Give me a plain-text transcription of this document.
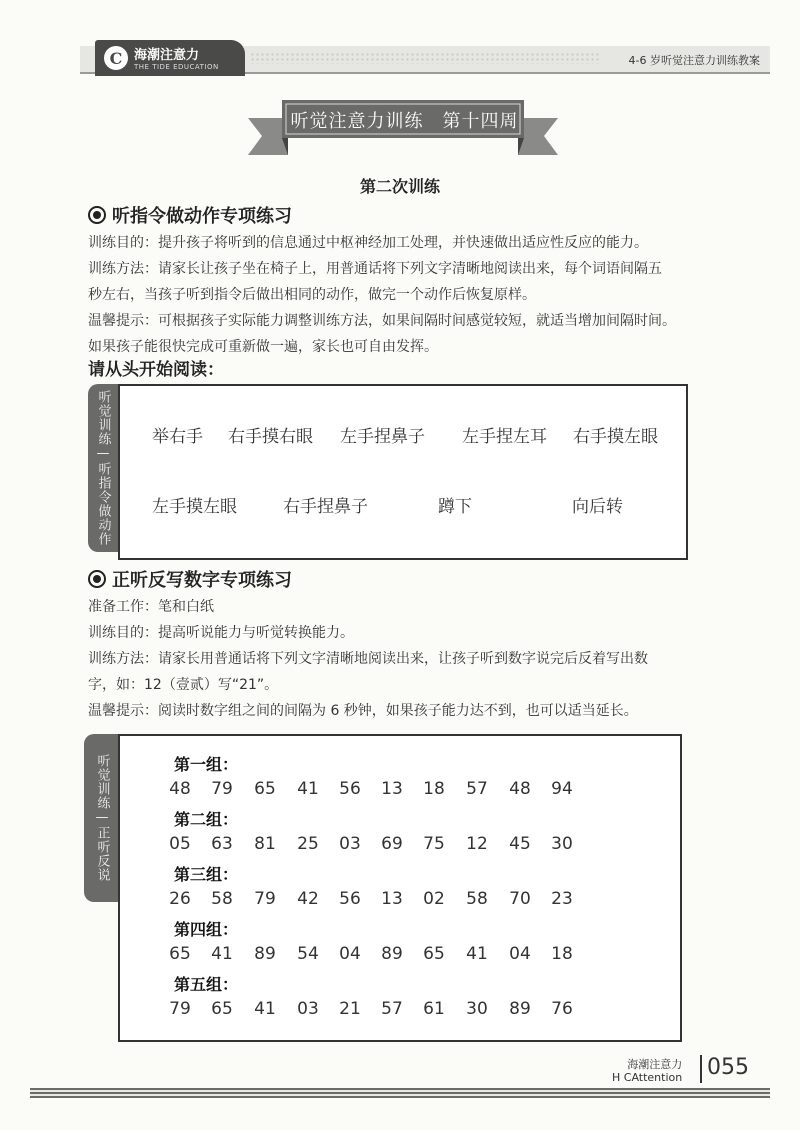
C 海潮注意力
THE TIDE EDUCATION	4-6 岁听觉注意力训练教案
听觉注意力训练　第十四周
第二次训练
听指令做动作专项练习
训练目的：提升孩子将听到的信息通过中枢神经加工处理，并快速做出适应性反应的能力。
训练方法：请家长让孩子坐在椅子上，用普通话将下列文字清晰地阅读出来，每个词语间隔五
秒左右，当孩子听到指令后做出相同的动作，做完一个动作后恢复原样。
温馨提示：可根据孩子实际能力调整训练方法，如果间隔时间感觉较短，就适当增加间隔时间。
如果孩子能很快完成可重新做一遍，家长也可自由发挥。
请从头开始阅读：
听觉训练—听指令做动作	举右手 右手摸右眼 左手捏鼻子 左手捏左耳 右手摸左眼
左手摸左眼	右手捏鼻子	蹲下	向后转
正听反写数字专项练习
准备工作：笔和白纸
训练目的：提高听说能力与听觉转换能力。
训练方法：请家长用普通话将下列文字清晰地阅读出来，让孩子听到数字说完后反着写出数
字，如：12（壹贰）写“21”。
温馨提示：阅读时数字组之间的间隔为 6 秒钟，如果孩子能力达不到，也可以适当延长。
听觉训练—正听反说	第一组：
48	79	65	41	56	13	18	57	48	94
第二组：
05	63	81	25	03	69	75	12	45	30
第三组：
26	58	79	42	56	13	02	58	70	23
第四组：
65	41	89	54	04	89	65	41	04	18
第五组：
79	65	41	03	21	57	61	30	89	76
海潮注意力
H CAttention 055
